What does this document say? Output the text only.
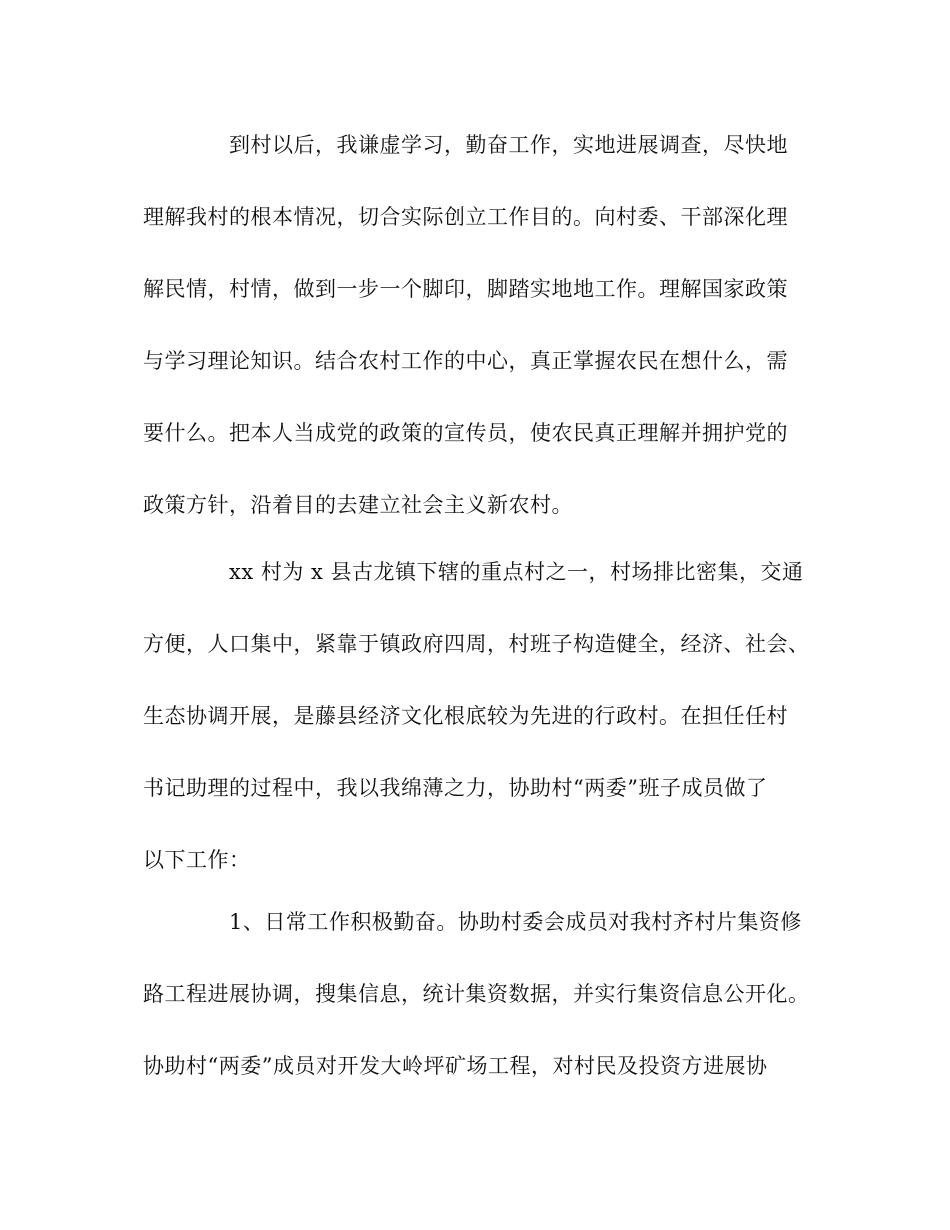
到村以后，我谦虚学习，勤奋工作，实地进展调查，尽快地
理解我村的根本情况，切合实际创立工作目的。向村委、干部深化理
解民情，村情，做到一步一个脚印，脚踏实地地工作。理解国家政策
与学习理论知识。结合农村工作的中心，真正掌握农民在想什么，需
要什么。把本人当成党的政策的宣传员，使农民真正理解并拥护党的
政策方针，沿着目的去建立社会主义新农村。
xx 村为 x 县古龙镇下辖的重点村之一，村场排比密集，交通
方便，人口集中，紧靠于镇政府四周，村班子构造健全，经济、社会、
生态协调开展，是藤县经济文化根底较为先进的行政村。在担任任村
书记助理的过程中，我以我绵薄之力，协助村“两委”班子成员做了
以下工作：
1、日常工作积极勤奋。协助村委会成员对我村齐村片集资修
路工程进展协调，搜集信息，统计集资数据，并实行集资信息公开化。
协助村“两委”成员对开发大岭坪矿场工程，对村民及投资方进展协
